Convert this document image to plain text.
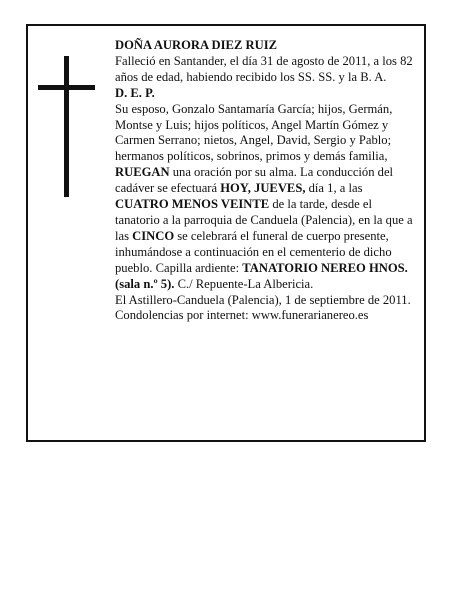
DOÑA AURORA DIEZ RUIZ

Falleció en Santander, el día 31 de agosto de 2011, a los 82 años de edad, habiendo recibido los SS. SS. y la B. A.

D. E. P.

Su esposo, Gonzalo Santamaría García; hijos, Germán, Montse y Luis; hijos políticos, Angel Martín Gómez y Carmen Serrano; nietos, Angel, David, Sergio y Pablo; hermanos políticos, sobrinos, primos y demás familia,

RUEGAN una oración por su alma. La conducción del cadáver se efectuará HOY, JUEVES, día 1, a las CUATRO MENOS VEINTE de la tarde, desde el tanatorio a la parroquia de Canduela (Palencia), en la que a las CINCO se celebrará el funeral de cuerpo presente, inhumándose a continuación en el cementerio de dicho pueblo. Capilla ardiente: TANATORIO NEREO HNOS. (sala n.º 5). C./ Repuente-La Albericia.

El Astillero-Canduela (Palencia), 1 de septiembre de 2011.

Condolencias por internet: www.funerarianereo.es
